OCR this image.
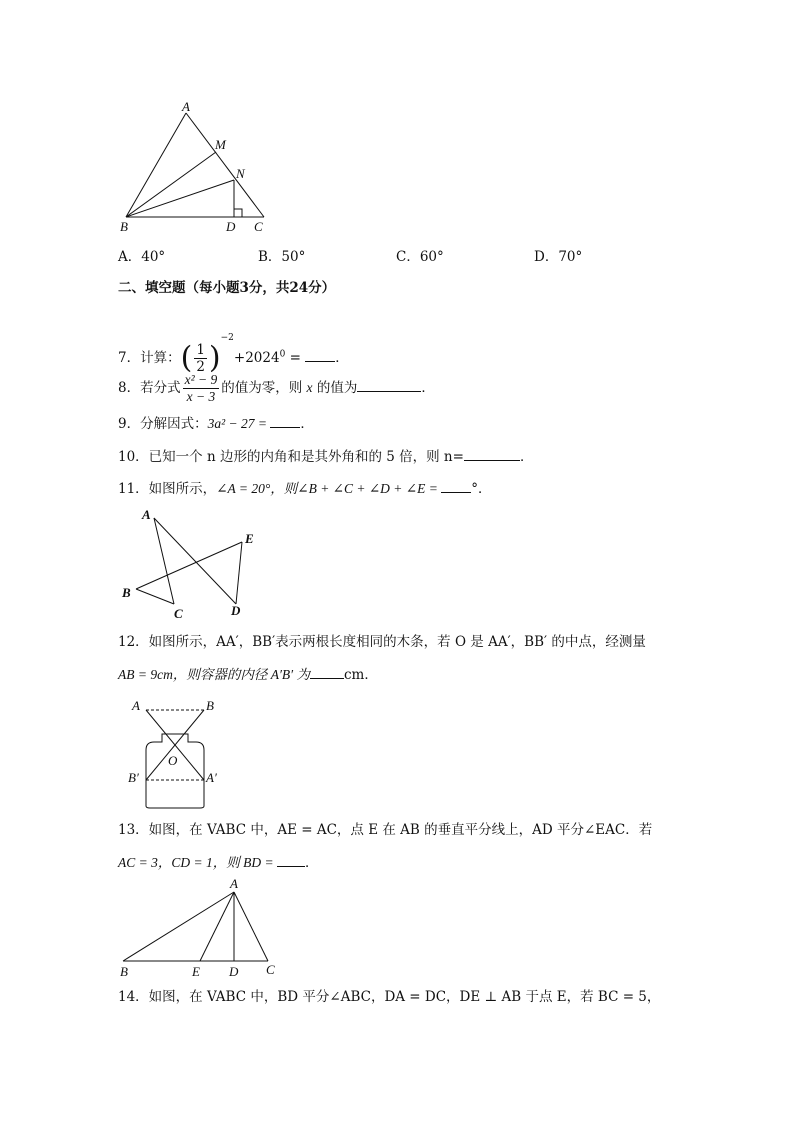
A
M
N
B	D C
A．40°	B．50°	C．60°	D．70°
二、填空题（每小题3分，共24分）
7．计算：( $\frac{1}{2} )^{-2}+2024^0$ = ．
8．若分式 $\frac{\text{x² − 9}}{x - 3}$ 的值为零，则 x 的值为	．
9．分解因式：3a² − 27 = ．
10．已知一个 n 边形的内角和是其外角和的 5 倍，则 n=	．
11．如图所示，∠A = 20°，则∠B + ∠C + ∠D + ∠E = °．
A
E
B
C	D
12．如图所示，AA′，BB′表示两根长度相同的木条，若 O 是 AA′，BB′ 的中点，经测量
AB = 9cm，则容器的内径 A′B′ 为	cm．
A	B
O
B′	A′
13．如图，在 VABC 中，AE = AC，点 E 在 AB 的垂直平分线上，AD 平分∠EAC．若
AC = 3，CD = 1，则 BD = ．
A
B	E D C
14．如图，在 VABC 中，BD 平分∠ABC，DA = DC，DE ⊥ AB 于点 E，若 BC = 5，
